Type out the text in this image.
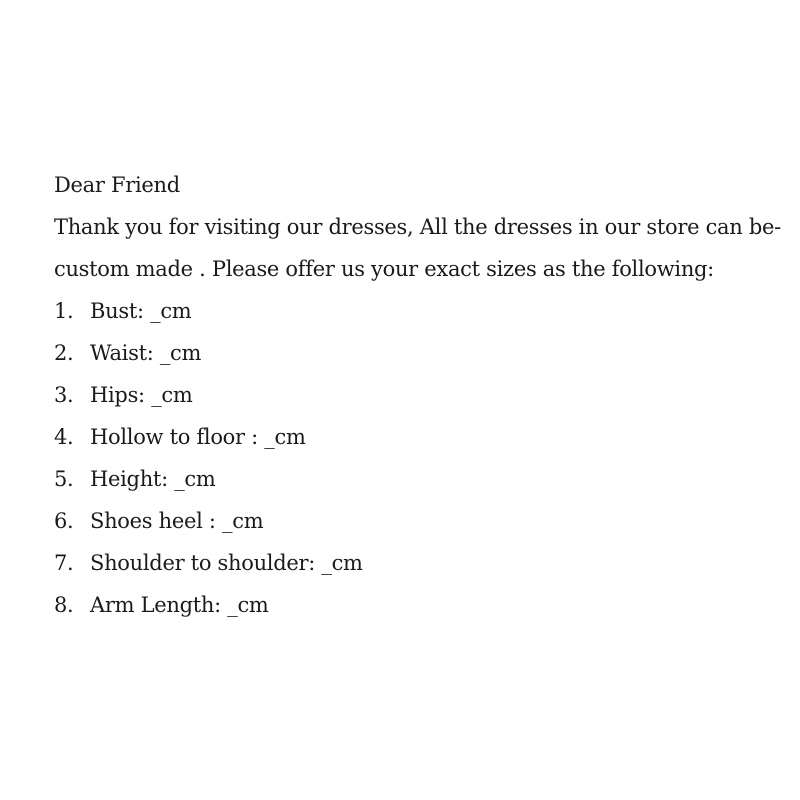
Dear Friend
Thank you for visiting our dresses, All the dresses in our store can be-
custom made . Please offer us your exact sizes as the following:
1. Bust: _cm
2. Waist: _cm
3. Hips: _cm
4. Hollow to floor : _cm
5. Height: _cm
6. Shoes heel : _cm
7. Shoulder to shoulder: _cm
8. Arm Length: _cm
